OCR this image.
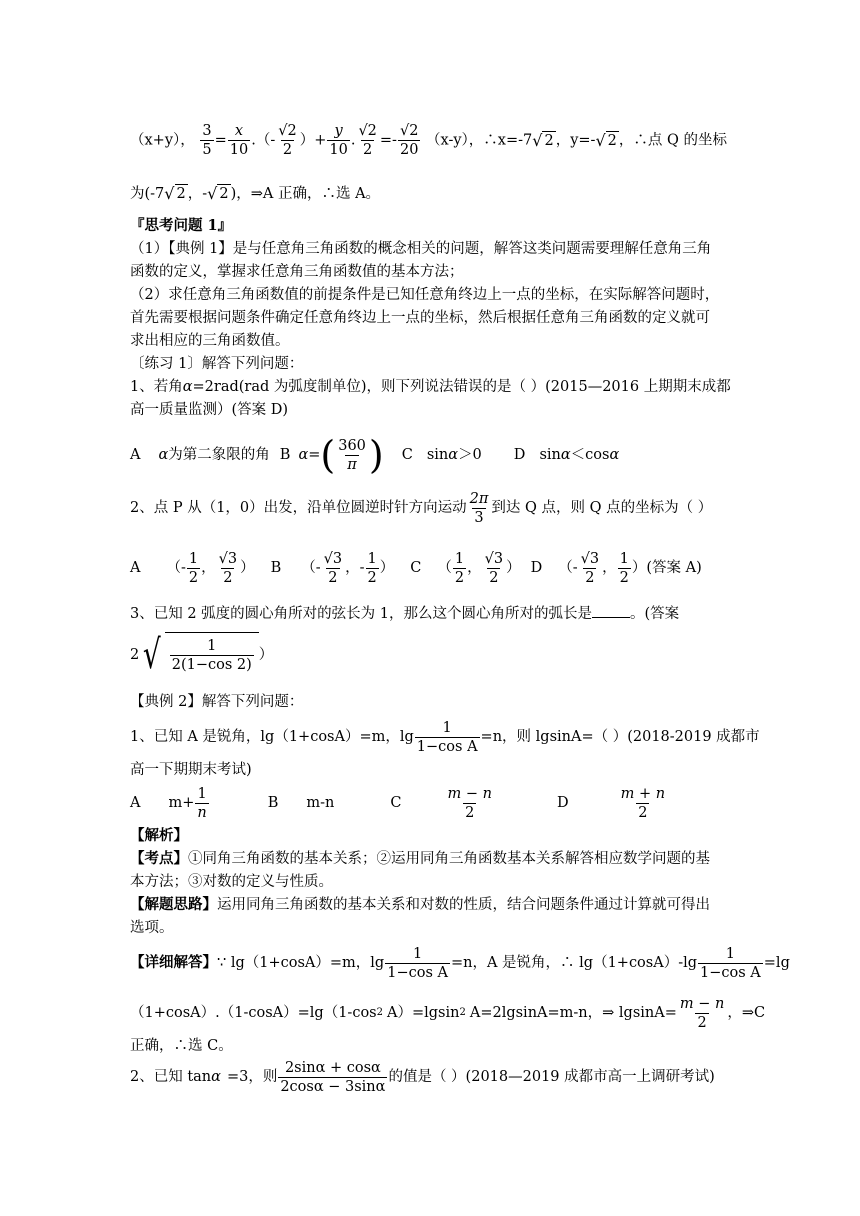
（x+y）， $\frac{3}{5} = \frac{x}{10}$ .（- $\frac{√2}{2}$ ）+ $\frac{y}{10}$ . $\frac{√2}{2} =- \frac{√2}{20} (x-y)$，∴x=-7 √ 2 ，y=- √ 2 ，∴点 Q 的坐标
为(-7 √ 2 ，- √ 2 )，⇒A 正确，∴选 A。
『思考问题 1』
（1）【典例 1】是与任意角三角函数的概念相关的问题，解答这类问题需要理解任意角三角
函数的定义，掌握求任意角三角函数值的基本方法；
（2）求任意角三角函数值的前提条件是已知任意角终边上一点的坐标，在实际解答问题时，
首先需要根据问题条件确定任意角终边上一点的坐标，然后根据任意角三角函数的定义就可
求出相应的三角函数值。
〔练习 1〕解答下列问题：
1、若角α=2rad(rad 为弧度制单位)，则下列说法错误的是（ ）(2015—2016 上期期末成都
高一质量监测）(答案 D)
A α 为第二象限的角 B α = ( $\frac{360}{\pi}$ ) C sin α ＞0 D sin α ＜cos α
2、点 P 从（1，0）出发，沿单位圆逆时针方向运动 $\frac{2\pi}{3}$ 到达 Q 点，则 Q 点的坐标为（ ）
A （- $\frac{1}{2}$ ， $\frac{√3}{2}$ ） B （- $\frac{√3}{2}$ ，- $\frac{1}{2}$ ） C （ $\frac{1}{2}$ ， $\frac{√3}{2}$ ） D （- $\frac{√3}{2}$ ， $\frac{1}{2}$ ） (答案 A)
3、已知 2 弧度的圆心角所对的弦长为 1，那么这个圆心角所对的弧长是	。(答案
2 √ $\frac{1}{2(1-\cos 2)}$ ）
【典例 2】解答下列问题：
1、已知 A 是锐角，lg（1+cosA）=m，$\lg \frac{1}{\text{1−cos A}} =n$，则 lgsinA=（ ）(2018-2019 成都市
高一下期期末考试)
A $m+ \frac{1}{n}$	B m-n	C	$\frac{m - n}{2}$	D	$\frac{m + n}{2}$
【解析】
【考点】①同角三角函数的基本关系；②运用同角三角函数基本关系解答相应数学问题的基
本方法；③对数的定义与性质。
【解题思路】运用同角三角函数的基本关系和对数的性质，结合问题条件通过计算就可得出
选项。
【详细解答】 ∵ lg（1+cosA）=m，$\lg \frac{1}{\text{1−cos A}} =n$，A 是锐角，∴ $\lg(1+\cos A)-\lg \frac{1}{\text{1−cos A}} =\lg$
（1+cosA）.（1-cosA）=lg（1-cos 2 A）=lgsin 2 A=2lgsinA=m-n，⇒ $lgsinA= \frac{m - n}{2}$ ，⇒C
正确，∴选 C。
2、已知 tan α =3，则 $\frac{2\sin\alpha + \cos\alpha}{2\cos\alpha - 3\sin\alpha}$ 的值是（ ）(2018—2019 成都市高一上调研考试)
